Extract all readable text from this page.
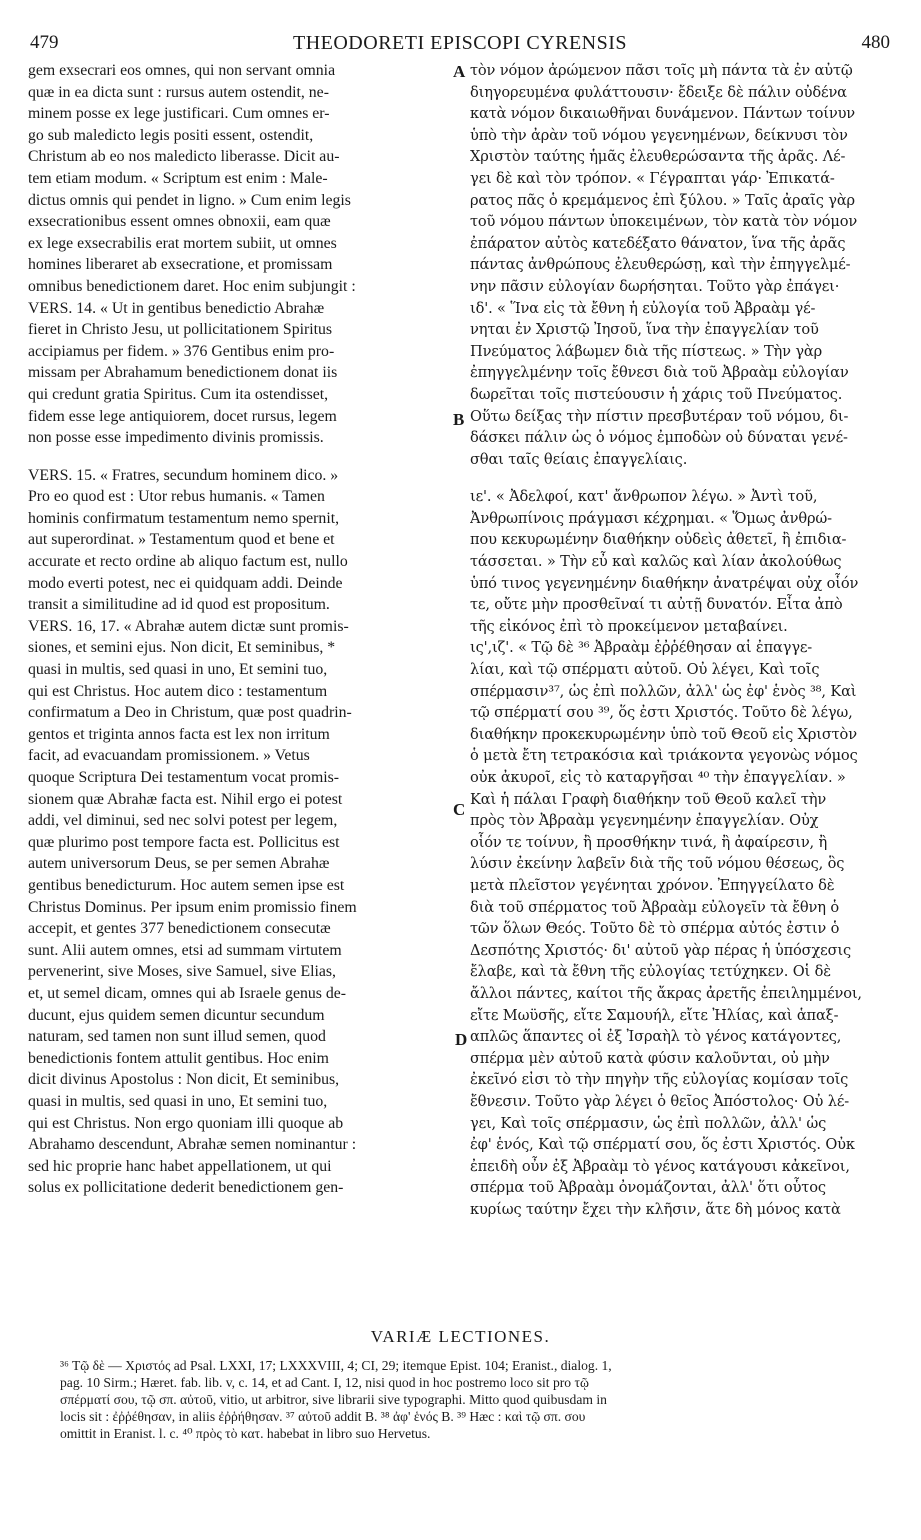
479	THEODORETI EPISCOPI CYRENSIS	480
A
B
C
D

gem exsecrari eos omnes, qui non servant omnia
quæ in ea dicta sunt : rursus autem ostendit, ne-
minem posse ex lege justificari. Cum omnes er-
go sub maledicto legis positi essent, ostendit,
Christum ab eo nos maledicto liberasse. Dicit au-
tem etiam modum. « Scriptum est enim : Male-
dictus omnis qui pendet in ligno. » Cum enim legis
exsecrationibus essent omnes obnoxii, eam quæ
ex lege exsecrabilis erat mortem subiit, ut omnes
homines liberaret ab exsecratione, et promissam
omnibus benedictionem daret. Hoc enim subjungit :
VERS. 14. « Ut in gentibus benedictio Abrahæ
fieret in Christo Jesu, ut pollicitationem Spiritus
accipiamus per fidem. » 376 Gentibus enim pro-
missam per Abrahamum benedictionem donat iis
qui credunt gratia Spiritus. Cum ita ostendisset,
fidem esse lege antiquiorem, docet rursus, legem
non posse esse impedimento divinis promissis.

VERS. 15. « Fratres, secundum hominem dico. »
Pro eo quod est : Utor rebus humanis. « Tamen
hominis confirmatum testamentum nemo spernit,
aut superordinat. » Testamentum quod et bene et
accurate et recto ordine ab aliquo factum est, nullo
modo everti potest, nec ei quidquam addi. Deinde
transit a similitudine ad id quod est propositum.
VERS. 16, 17. « Abrahæ autem dictæ sunt promis-
siones, et semini ejus. Non dicit, Et seminibus, *
quasi in multis, sed quasi in uno, Et semini tuo,
qui est Christus. Hoc autem dico : testamentum
confirmatum a Deo in Christum, quæ post quadrin-
gentos et triginta annos facta est lex non irritum
facit, ad evacuandam promissionem. » Vetus
quoque Scriptura Dei testamentum vocat promis-
sionem quæ Abrahæ facta est. Nihil ergo ei potest
addi, vel diminui, sed nec solvi potest per legem,
quæ plurimo post tempore facta est. Pollicitus est
autem universorum Deus, se per semen Abrahæ
gentibus benedicturum. Hoc autem semen ipse est
Christus Dominus. Per ipsum enim promissio finem
accepit, et gentes 377 benedictionem consecutæ
sunt. Alii autem omnes, etsi ad summam virtutem
pervenerint, sive Moses, sive Samuel, sive Elias,
et, ut semel dicam, omnes qui ab Israele genus de-
ducunt, ejus quidem semen dicuntur secundum
naturam, sed tamen non sunt illud semen, quod
benedictionis fontem attulit gentibus. Hoc enim
dicit divinus Apostolus : Non dicit, Et seminibus,
quasi in multis, sed quasi in uno, Et semini tuo,
qui est Christus. Non ergo quoniam illi quoque ab
Abrahamo descendunt, Abrahæ semen nominantur :
sed hic proprie hanc habet appellationem, ut qui
solus ex pollicitatione dederit benedictionem gen-

τὸν νόμον ἀρώμενον πᾶσι τοῖς μὴ πάντα τὰ ἐν αὐτῷ
διηγορευμένα φυλάττουσιν· ἔδειξε δὲ πάλιν οὐδένα
κατὰ νόμον δικαιωθῆναι δυνάμενον. Πάντων τοίνυν
ὑπὸ τὴν ἀρὰν τοῦ νόμου γεγενημένων, δείκνυσι τὸν
Χριστὸν ταύτης ἡμᾶς ἐλευθερώσαντα τῆς ἀρᾶς. Λέ-
γει δὲ καὶ τὸν τρόπον. « Γέγραπται γάρ· Ἐπικατά-
ρατος πᾶς ὁ κρεμάμενος ἐπὶ ξύλου. » Ταῖς ἀραῖς γὰρ
τοῦ νόμου πάντων ὑποκειμένων, τὸν κατὰ τὸν νόμον
ἐπάρατον αὐτὸς κατεδέξατο θάνατον, ἵνα τῆς ἀρᾶς
πάντας ἀνθρώπους ἐλευθερώσῃ, καὶ τὴν ἐπηγγελμέ-
νην πᾶσιν εὐλογίαν δωρήσηται. Τοῦτο γὰρ ἐπάγει·
ιδ'. « Ἵνα εἰς τὰ ἔθνη ἡ εὐλογία τοῦ Ἀβραὰμ γέ-
νηται ἐν Χριστῷ Ἰησοῦ, ἵνα τὴν ἐπαγγελίαν τοῦ
Πνεύματος λάβωμεν διὰ τῆς πίστεως. » Τὴν γὰρ
ἐπηγγελμένην τοῖς ἔθνεσι διὰ τοῦ Ἀβραὰμ εὐλογίαν
δωρεῖται τοῖς πιστεύουσιν ἡ χάρις τοῦ Πνεύματος.
Οὕτω δείξας τὴν πίστιν πρεσβυτέραν τοῦ νόμου, δι-
δάσκει πάλιν ὡς ὁ νόμος ἐμποδὼν οὐ δύναται γενέ-
σθαι ταῖς θείαις ἐπαγγελίαις.

ιε'. « Ἀδελφοί, κατ' ἄνθρωπον λέγω. » Ἀντὶ τοῦ,
Ἀνθρωπίνοις πράγμασι κέχρημαι. « Ὅμως ἀνθρώ-
που κεκυρωμένην διαθήκην οὐδεὶς ἀθετεῖ, ἢ ἐπιδια-
τάσσεται. » Τὴν εὖ καὶ καλῶς καὶ λίαν ἀκολούθως
ὑπό τινος γεγενημένην διαθήκην ἀνατρέψαι οὐχ οἷόν
τε, οὔτε μὴν προσθεῖναί τι αὐτῇ δυνατόν. Εἶτα ἀπὸ
τῆς εἰκόνος ἐπὶ τὸ προκείμενον μεταβαίνει.
ις',ιζ'. « Τῷ δὲ ³⁶ Ἀβραὰμ ἐῤῥέθησαν αἱ ἐπαγγε-
λίαι, καὶ τῷ σπέρματι αὐτοῦ. Οὐ λέγει, Καὶ τοῖς
σπέρμασιν³⁷, ὡς ἐπὶ πολλῶν, ἀλλ' ὡς ἐφ' ἑνὸς ³⁸, Καὶ
τῷ σπέρματί σου ³⁹, ὅς ἐστι Χριστός. Τοῦτο δὲ λέγω,
διαθήκην προκεκυρωμένην ὑπὸ τοῦ Θεοῦ εἰς Χριστὸν
ὁ μετὰ ἔτη τετρακόσια καὶ τριάκοντα γεγονὼς νόμος
οὐκ ἀκυροῖ, εἰς τὸ καταργῆσαι ⁴⁰ τὴν ἐπαγγελίαν. »
Καὶ ἡ πάλαι Γραφὴ διαθήκην τοῦ Θεοῦ καλεῖ τὴν
πρὸς τὸν Ἀβραὰμ γεγενημένην ἐπαγγελίαν. Οὐχ
οἷόν τε τοίνυν, ἢ προσθήκην τινά, ἢ ἀφαίρεσιν, ἢ
λύσιν ἐκείνην λαβεῖν διὰ τῆς τοῦ νόμου θέσεως, ὃς
μετὰ πλεῖστον γεγένηται χρόνον. Ἐπηγγείλατο δὲ
διὰ τοῦ σπέρματος τοῦ Ἀβραὰμ εὐλογεῖν τὰ ἔθνη ὁ
τῶν ὅλων Θεός. Τοῦτο δὲ τὸ σπέρμα αὐτός ἐστιν ὁ
Δεσπότης Χριστός· δι' αὐτοῦ γὰρ πέρας ἡ ὑπόσχεσις
ἔλαβε, καὶ τὰ ἔθνη τῆς εὐλογίας τετύχηκεν. Οἱ δὲ
ἄλλοι πάντες, καίτοι τῆς ἄκρας ἀρετῆς ἐπειλημμένοι,
εἴτε Μωϋσῆς, εἴτε Σαμουήλ, εἴτε Ἠλίας, καὶ ἁπαξ-
απλῶς ἅπαντες οἱ ἐξ Ἰσραὴλ τὸ γένος κατάγοντες,
σπέρμα μὲν αὐτοῦ κατὰ φύσιν καλοῦνται, οὐ μὴν
ἐκεῖνό εἰσι τὸ τὴν πηγὴν τῆς εὐλογίας κομίσαν τοῖς
ἔθνεσιν. Τοῦτο γὰρ λέγει ὁ θεῖος Ἀπόστολος· Οὐ λέ-
γει, Καὶ τοῖς σπέρμασιν, ὡς ἐπὶ πολλῶν, ἀλλ' ὡς
ἐφ' ἑνός, Καὶ τῷ σπέρματί σου, ὅς ἐστι Χριστός. Οὐκ
ἐπειδὴ οὖν ἐξ Ἀβραὰμ τὸ γένος κατάγουσι κἀκεῖνοι,
σπέρμα τοῦ Ἀβραὰμ ὀνομάζονται, ἀλλ' ὅτι οὗτος
κυρίως ταύτην ἔχει τὴν κλῆσιν, ἅτε δὴ μόνος κατὰ

VARIÆ LECTIONES.
³⁶ Τῷ δὲ — Χριστός ad Psal. LXXI, 17; LXXXVIII, 4; CI, 29; itemque Epist. 104; Eranist., dialog. 1,
pag. 10 Sirm.; Hæret. fab. lib. v, c. 14, et ad Cant. I, 12, nisi quod in hoc postremo loco sit pro τῷ
σπέρματί σου, τῷ σπ. αὐτοῦ, vitio, ut arbitror, sive librarii sive typographi. Mitto quod quibusdam in
locis sit : ἐῤῥέθησαν, in aliis ἐῤῥήθησαν. ³⁷ αὐτοῦ addit B. ³⁸ ἀφ' ἑνός B. ³⁹ Hæc : καὶ τῷ σπ. σου
omittit in Eranist. l. c. ⁴⁰ πρὸς τὸ κατ. habebat in libro suo Hervetus.
